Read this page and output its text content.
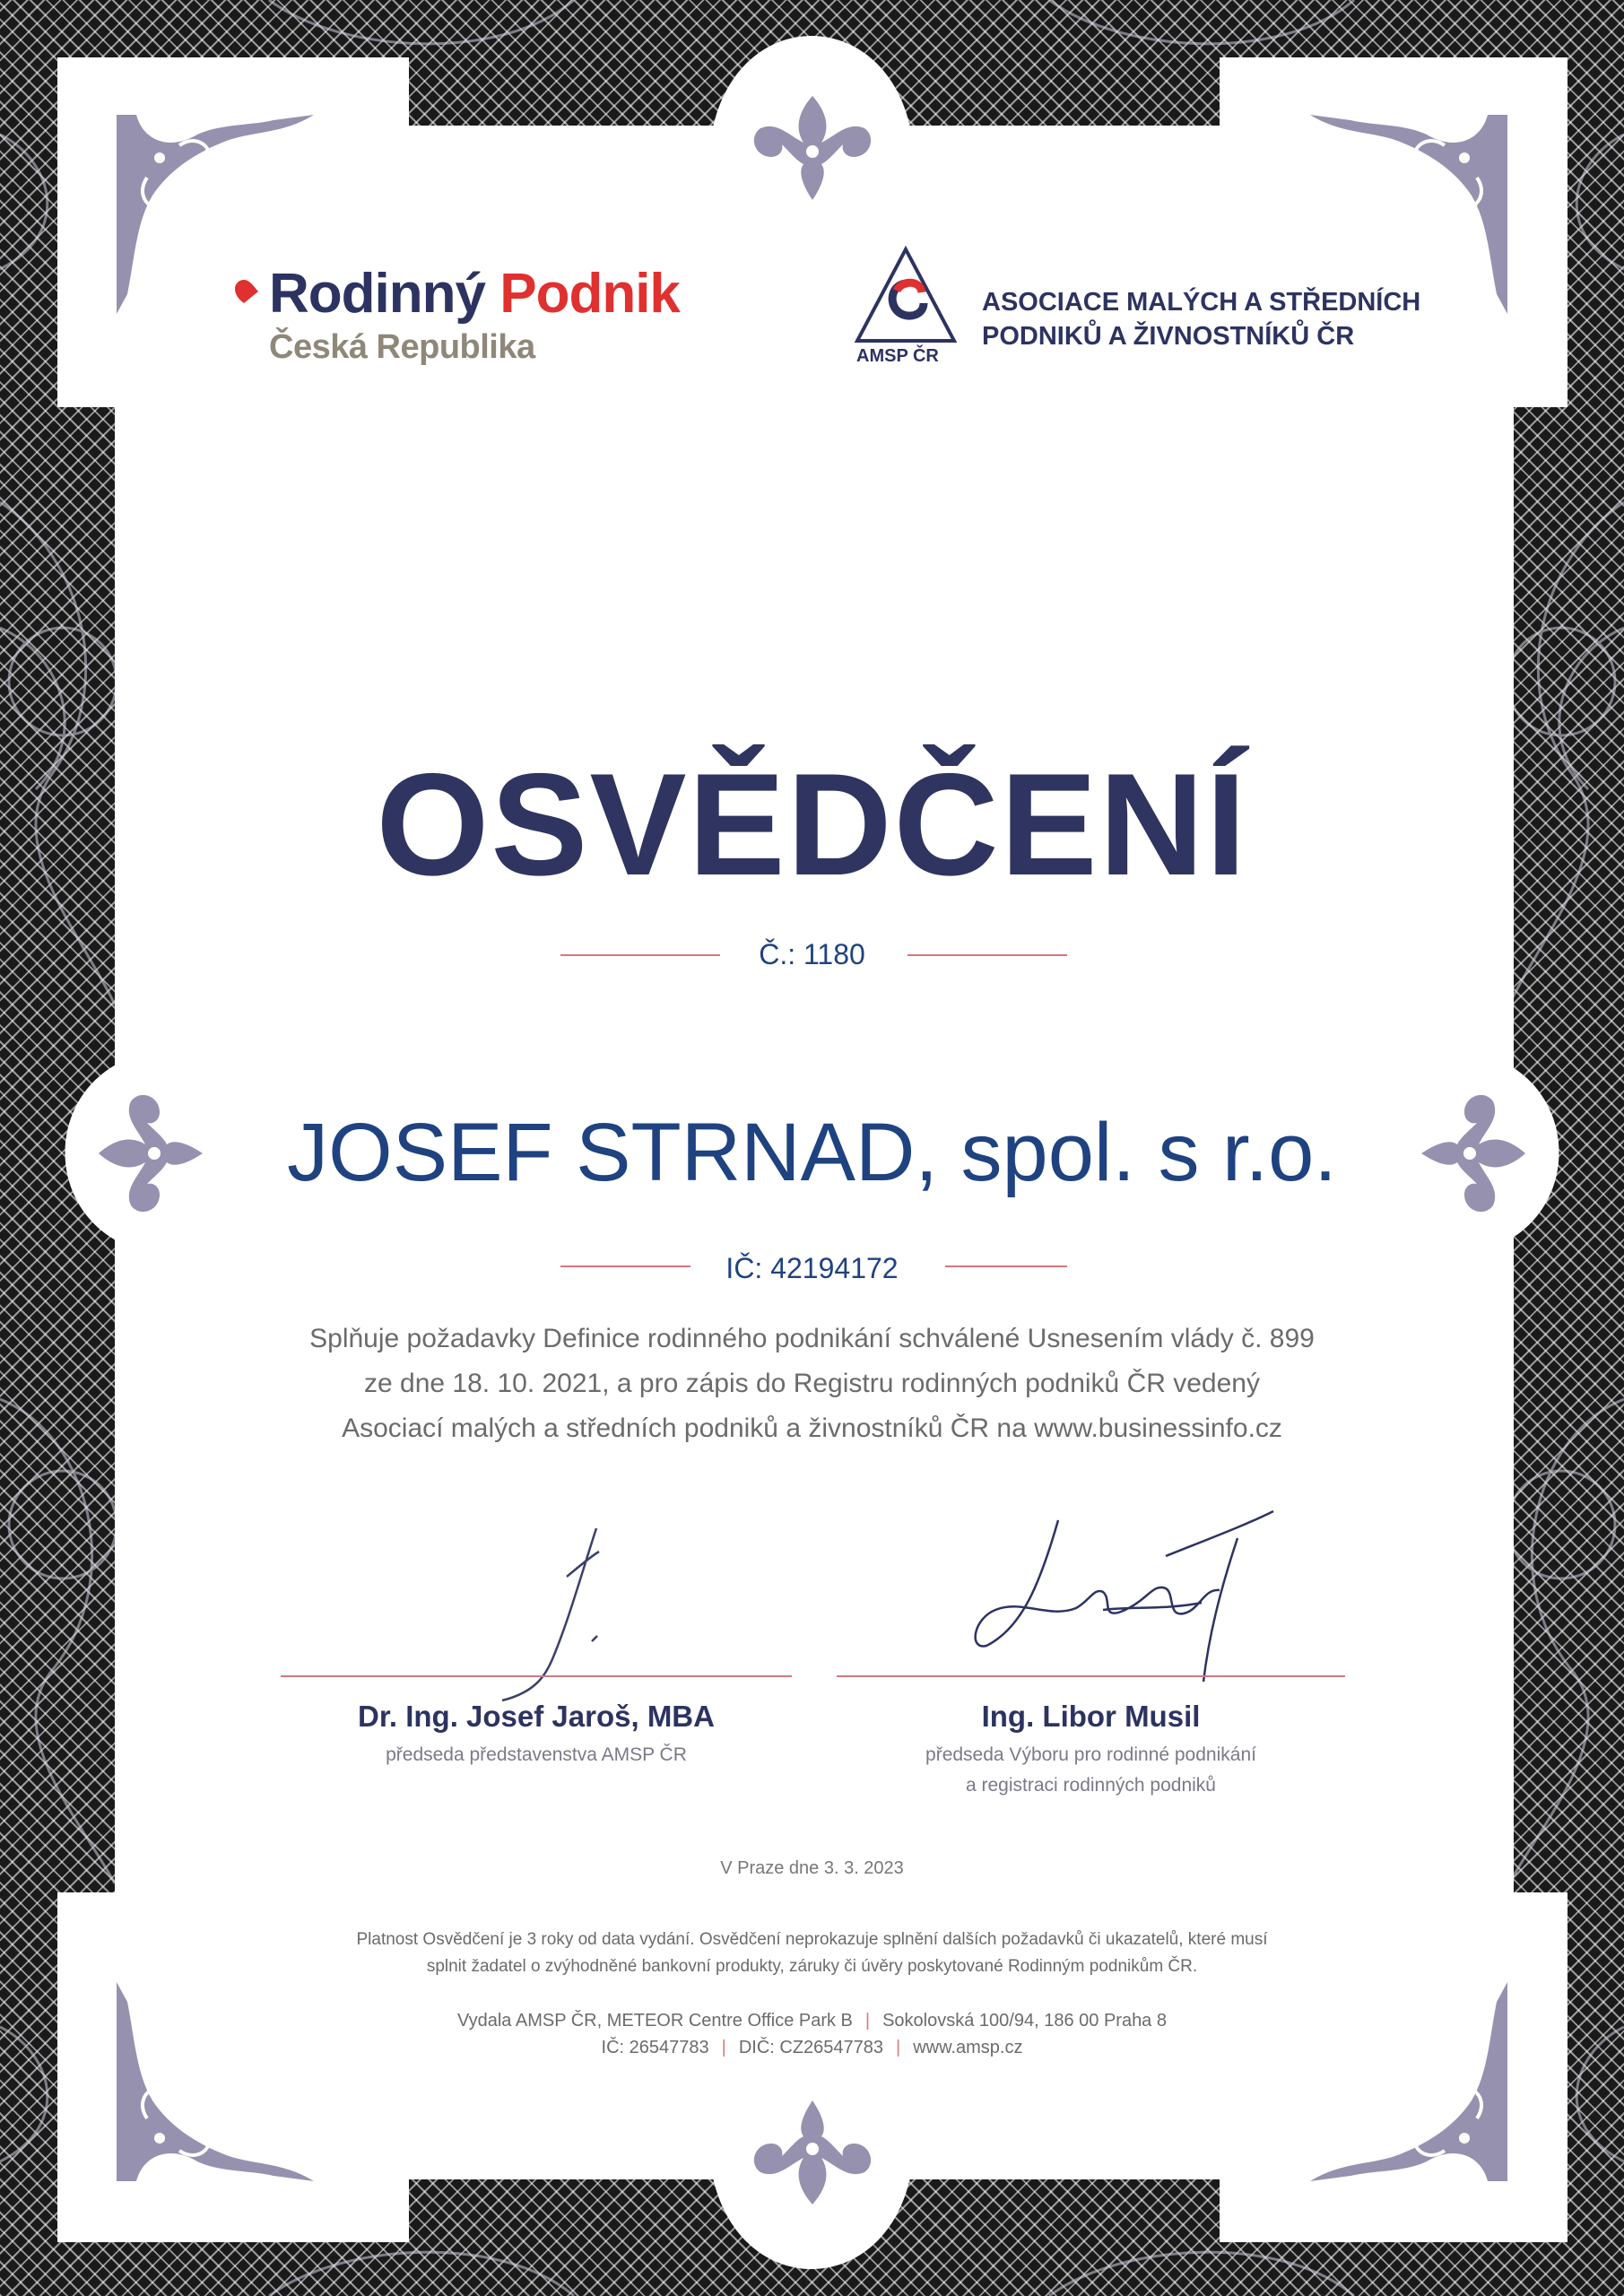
Rodinný Podnik
Česká Republika	AMSP ČR
ASOCIACE MALÝCH A STŘEDNÍCH
PODNIKŮ A ŽIVNOSTNÍKŮ ČR
OSVĚDČENÍ
Č.: 1180
JOSEF STRNAD, spol. s r.o.
IČ: 42194172
Splňuje požadavky Definice rodinného podnikání schválené Usnesením vlády č. 899
ze dne 18. 10. 2021, a pro zápis do Registru rodinných podniků ČR vedený
Asociací malých a středních podniků a živnostníků ČR na www.businessinfo.cz
Dr. Ing. Josef Jaroš, MBA
předseda představenstva AMSP ČR
Ing. Libor Musil
předseda Výboru pro rodinné podnikání
a registraci rodinných podniků
V Praze dne 3. 3. 2023
Platnost Osvědčení je 3 roky od data vydání. Osvědčení neprokazuje splnění dalších požadavků či ukazatelů, které musí
splnit žadatel o zvýhodněné bankovní produkty, záruky či úvěry poskytované Rodinným podnikům ČR.
Vydala AMSP ČR, METEOR Centre Office Park B | Sokolovská 100/94, 186 00 Praha 8
IČ: 26547783 | DIČ: CZ26547783 | www.amsp.cz
